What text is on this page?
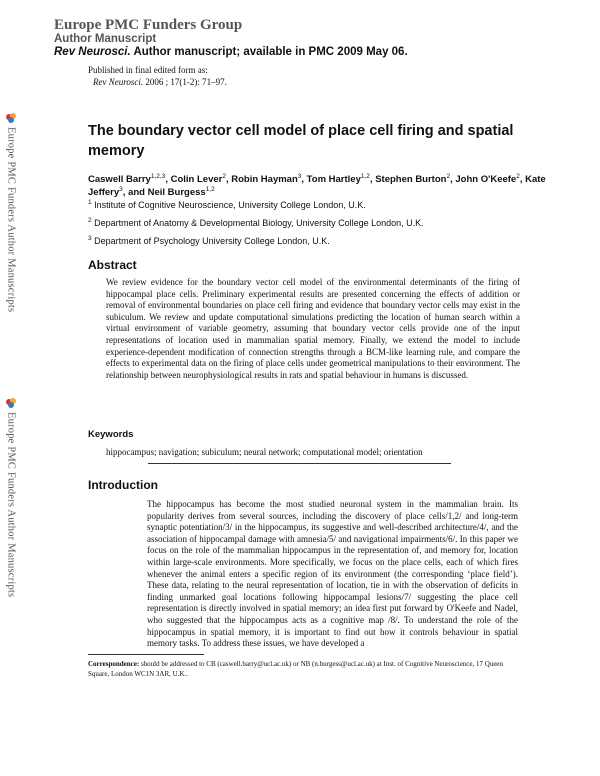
Europe PMC Funders Group
Author Manuscript
Rev Neurosci. Author manuscript; available in PMC 2009 May 06.
Published in final edited form as:
Rev Neurosci. 2006 ; 17(1-2): 71–97.
Europe PMC Funders Author Manuscripts
Europe PMC Funders Author Manuscripts
The boundary vector cell model of place cell firing and spatial memory
Caswell Barry$^{1,2,3}$, Colin Lever$^2$, Robin Hayman$^3$, Tom Hartley$^{1,2}$, Stephen Burton$^2$, John O'Keefe$^2$, Kate Jeffery$^3$, and Neil Burgess$^{1,2}$
$^1$ Institute of Cognitive Neuroscience, University College London, U.K.
$^2$ Department of Anatomy & Developmental Biology, University College London, U.K.
$^3$ Department of Psychology University College London, U.K.
Abstract
We review evidence for the boundary vector cell model of the environmental determinants of the firing of hippocampal place cells. Preliminary experimental results are presented concerning the effects of addition or removal of environmental boundaries on place cell firing and evidence that boundary vector cells may exist in the subiculum. We review and update computational simulations predicting the location of human search within a virtual environment of variable geometry, assuming that boundary vector cells provide one of the input representations of location used in mammalian spatial memory. Finally, we extend the model to include experience-dependent modification of connection strengths through a BCM-like learning rule, and compare the effects to experimental data on the firing of place cells under geometrical manipulations to their environment. The relationship between neurophysiological results in rats and spatial behaviour in humans is discussed.
Keywords
hippocampus; navigation; subiculum; neural network; computational model; orientation
Introduction
The hippocampus has become the most studied neuronal system in the mammalian brain. Its popularity derives from several sources, including the discovery of place cells/1,2/ and long-term synaptic potentiation/3/ in the hippocampus, its suggestive and well-described architecture/4/, and the association of hippocampal damage with amnesia/5/ and navigational impairments/6/. In this paper we focus on the role of the mammalian hippocampus in the representation of, and memory for, location within large-scale environments. More specifically, we focus on the place cells, each of which fires whenever the animal enters a specific region of its environment (the corresponding ‘place field’). These data, relating to the neural representation of location, tie in with the observation of deficits in finding unmarked goal locations following hippocampal lesions/7/ suggesting the place cell representation is directly involved in spatial memory; an idea first put forward by O'Keefe and Nadel, who suggested that the hippocampus acts as a cognitive map /8/. To understand the role of the hippocampus in spatial memory, it is important to find out how it controls behaviour in spatial memory tasks. To address these issues, we have developed a
Correspondence: should be addressed to CB (caswell.barry@ucl.ac.uk) or NB (n.burgess@ucl.ac.uk) at Inst. of Cognitive Neuroscience, 17 Queen Square, London WC1N 3AR, U.K..
